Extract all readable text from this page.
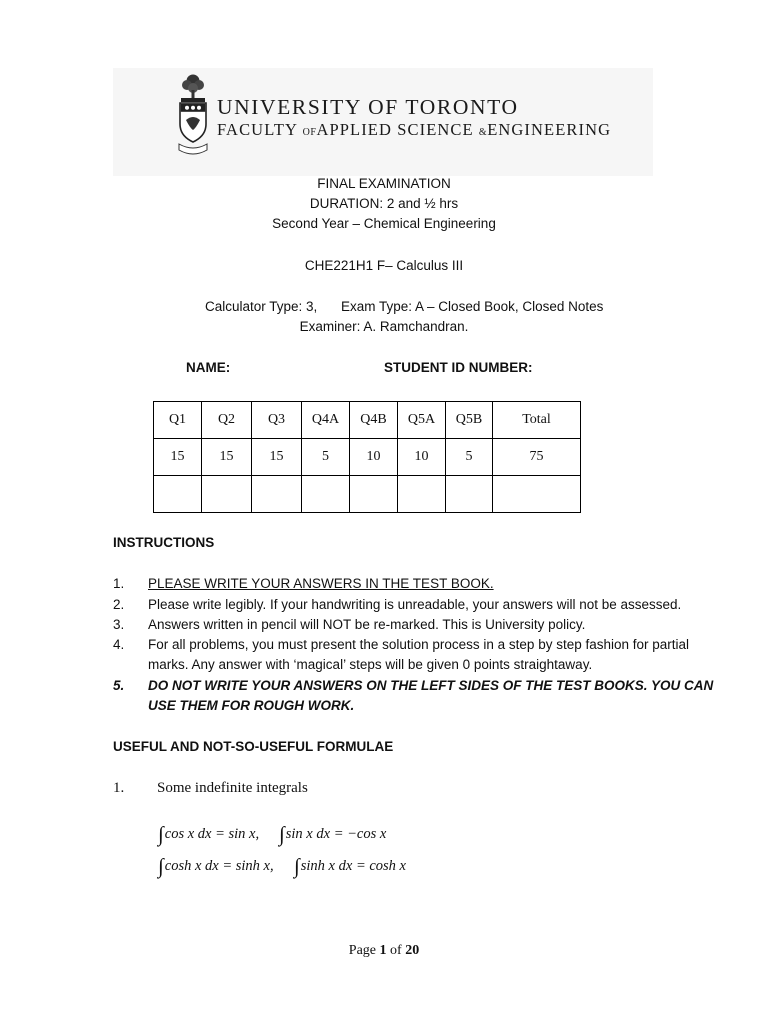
UNIVERSITY OF TORONTO
FACULTY OFAPPLIED SCIENCE &ENGINEERING
FINAL EXAMINATION
DURATION: 2 and ½ hrs
Second Year – Chemical Engineering
CHE221H1 F– Calculus III
Calculator Type: 3, Exam Type: A – Closed Book, Closed Notes
Examiner: A. Ramchandran.
NAME:	STUDENT ID NUMBER:
Q1	Q2	Q3	Q4A	Q4B	Q5A	Q5B	Total
15	15	15	5	10	10	5	75

INSTRUCTIONS
1. PLEASE WRITE YOUR ANSWERS IN THE TEST BOOK.
2. Please write legibly. If your handwriting is unreadable, your answers will not be assessed.
3. Answers written in pencil will NOT be re-marked. This is University policy.
4. For all problems, you must present the solution process in a step by step fashion for partial
marks. Any answer with ‘magical’ steps will be given 0 points straightaway.
5. DO NOT WRITE YOUR ANSWERS ON THE LEFT SIDES OF THE TEST BOOKS. YOU CAN
USE THEM FOR ROUGH WORK.
USEFUL AND NOT-SO-USEFUL FORMULAE
1. Some indefinite integrals
∫cos x dx = sin x, ∫sin x dx = −cos x
∫cosh x dx = sinh x, ∫sinh x dx = cosh x
Page 1 of 20
